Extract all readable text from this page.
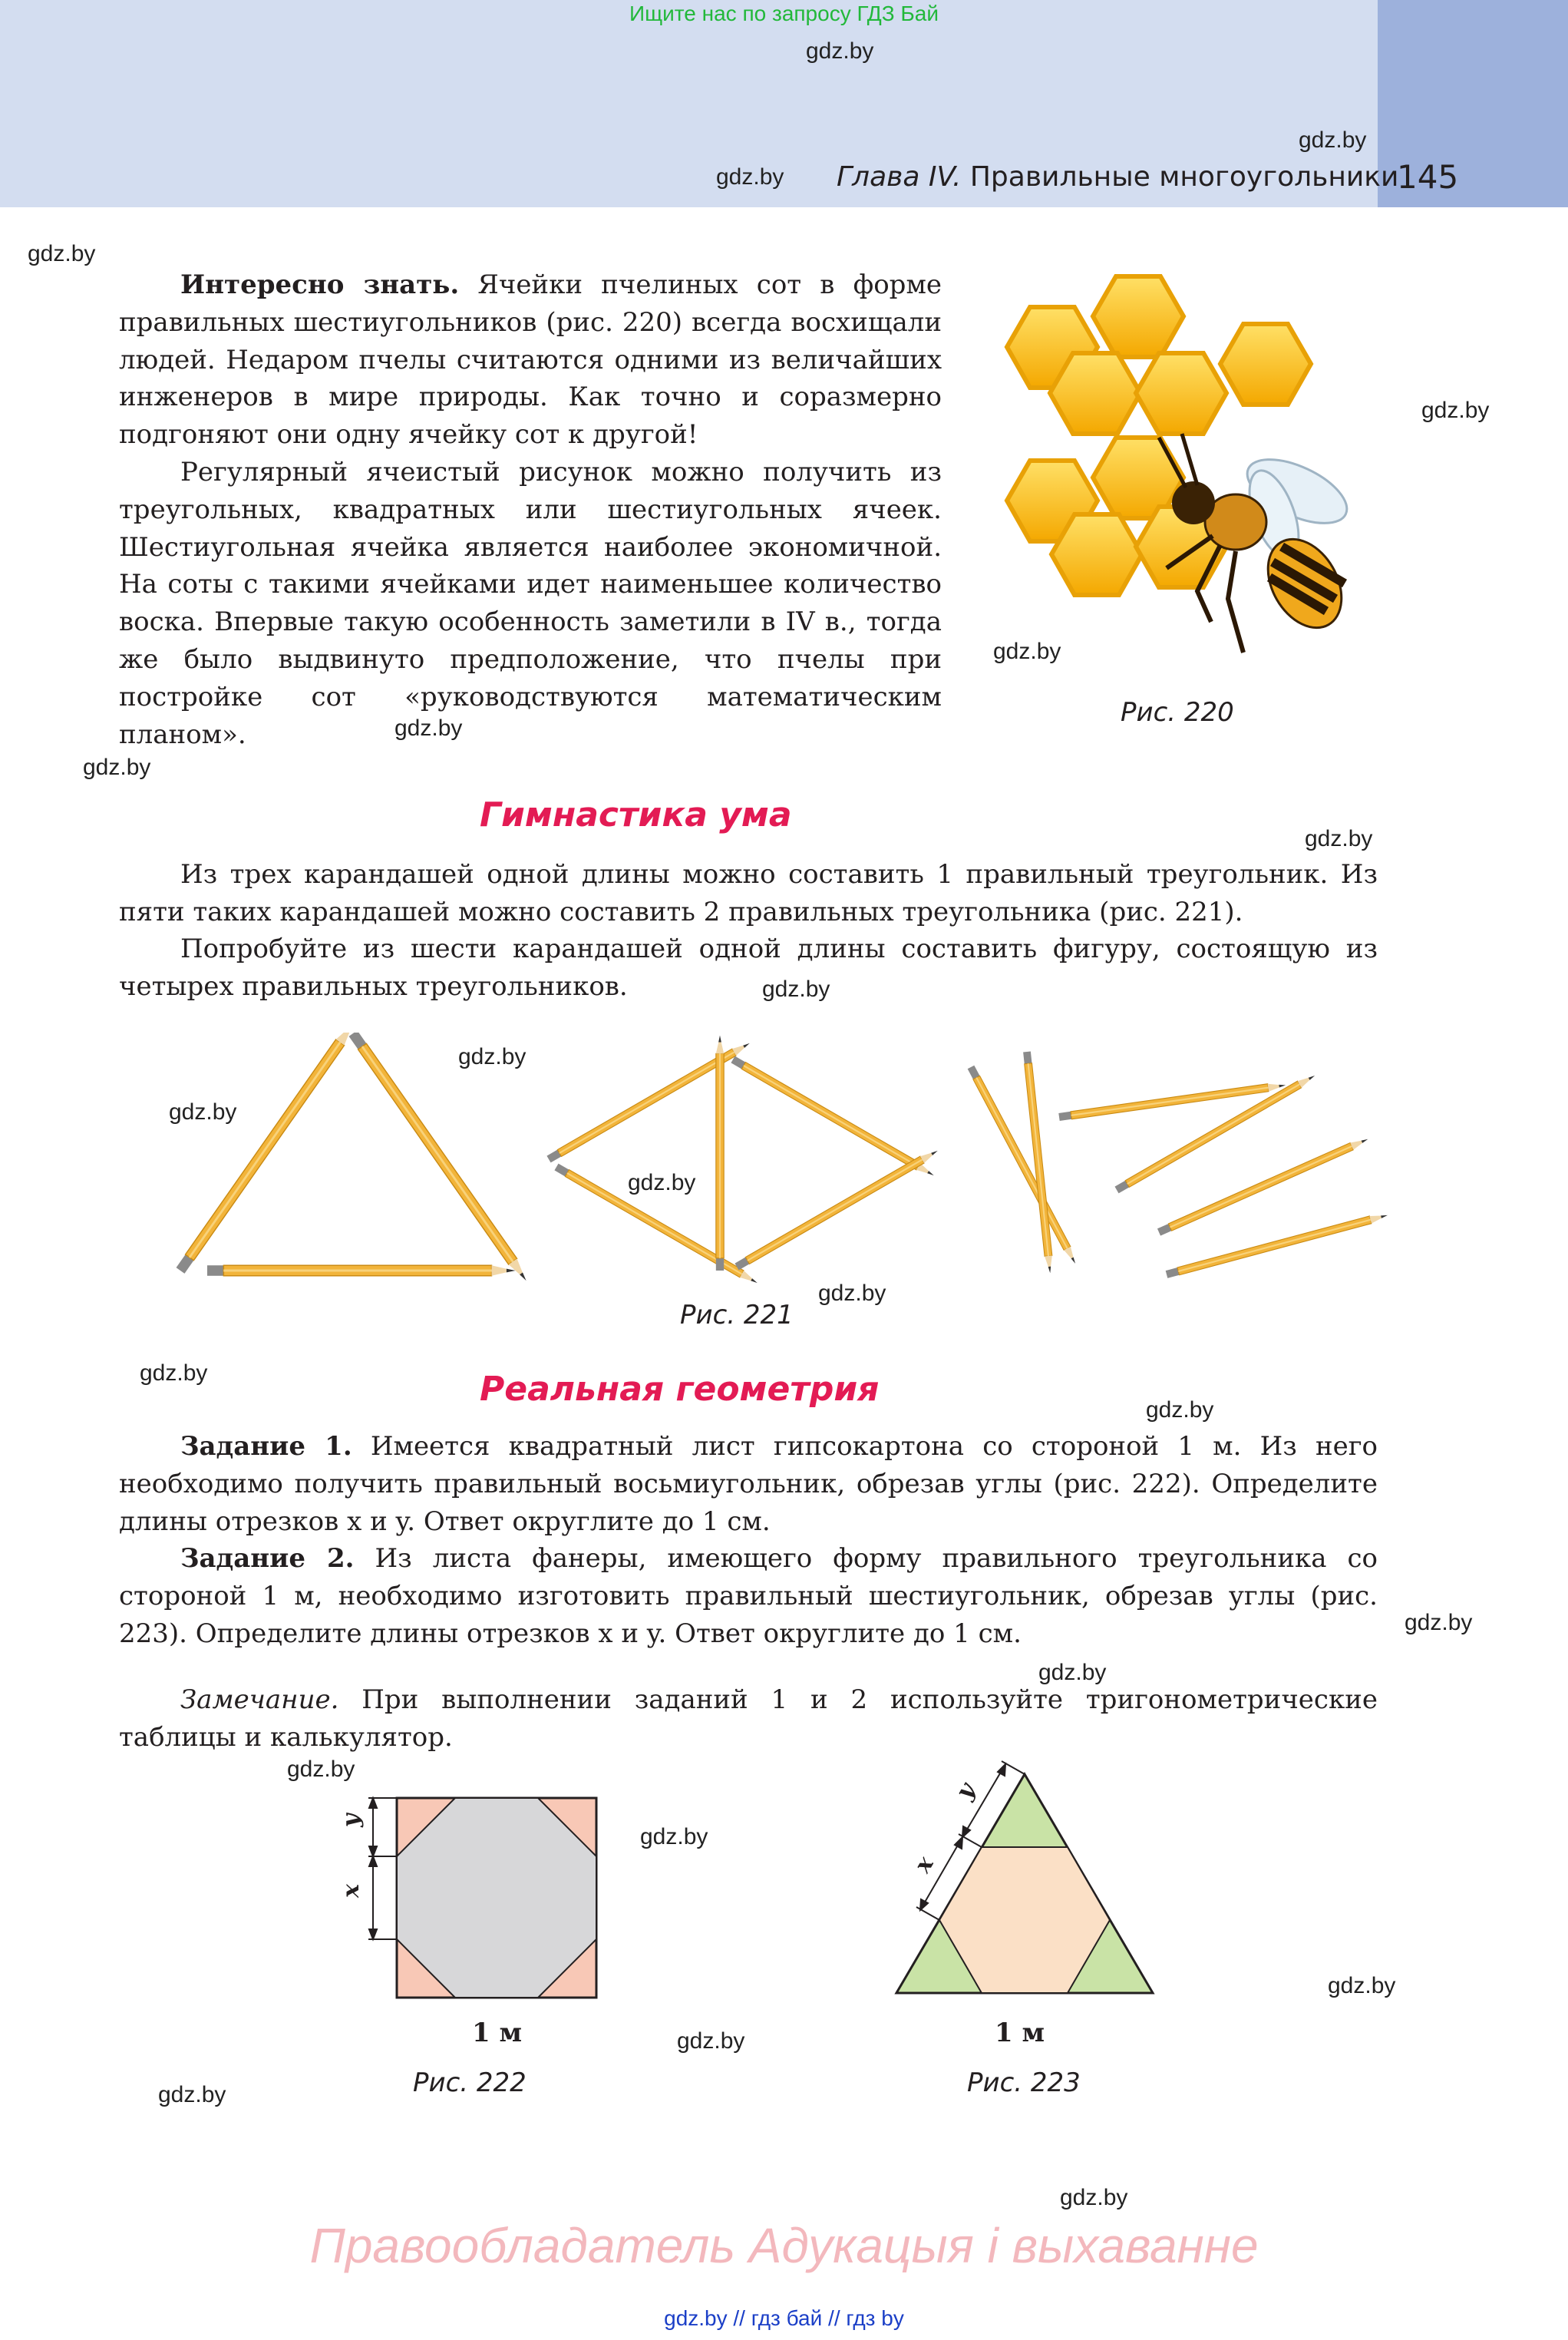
Ищите нас по запросу ГДЗ Бай
Глава IV. Правильные многоугольники
145
Интересно знать. Ячейки пчелиных сот в форме правильных шестиугольников (рис. 220) всегда восхищали людей. Недаром пчелы считаются одними из величайших инженеров в мире природы. Как точно и соразмерно подгоняют они одну ячейку сот к другой!
Регулярный ячеистый рисунок можно получить из треугольных, квадратных или шестиугольных ячеек. Шестиугольная ячейка является наиболее экономичной. На соты с такими ячейками идет наименьшее количество воска. Впервые такую особенность заметили в IV в., тогда же было выдвинуто предположение, что пчелы при постройке сот «руководствуются математическим планом».
Рис. 220
Гимнастика ума
Из трех карандашей одной длины можно составить 1 правильный треугольник. Из пяти таких карандашей можно составить 2 правильных треугольника (рис. 221).
Попробуйте из шести карандашей одной длины составить фигуру, состоящую из четырех правильных треугольников.
Рис. 221
Реальная геометрия
Задание 1. Имеется квадратный лист гипсокартона со стороной 1 м. Из него необходимо получить правильный восьмиугольник, обрезав углы (рис. 222). Определите длины отрезков x и y. Ответ округлите до 1 см.
Задание 2. Из листа фанеры, имеющего форму правильного треугольника со стороной 1 м, необходимо изготовить правильный шестиугольник, обрезав углы (рис. 223). Определите длины отрезков x и y. Ответ округлите до 1 см.
Замечание. При выполнении заданий 1 и 2 используйте тригонометрические таблицы и калькулятор.
y
x
1 м
Рис. 222
y
x
1 м
Рис. 223
gdz.by
gdz.by
gdz.by
gdz.by
gdz.by
gdz.by
gdz.by
gdz.by
gdz.by
gdz.by
gdz.by
gdz.by
gdz.by
gdz.by
gdz.by
gdz.by
gdz.by
gdz.by
gdz.by
gdz.by
gdz.by
gdz.by
gdz.by
gdz.by
Правообладатель Адукацыя і выхаванне
gdz.by // гдз бай // гдз by
